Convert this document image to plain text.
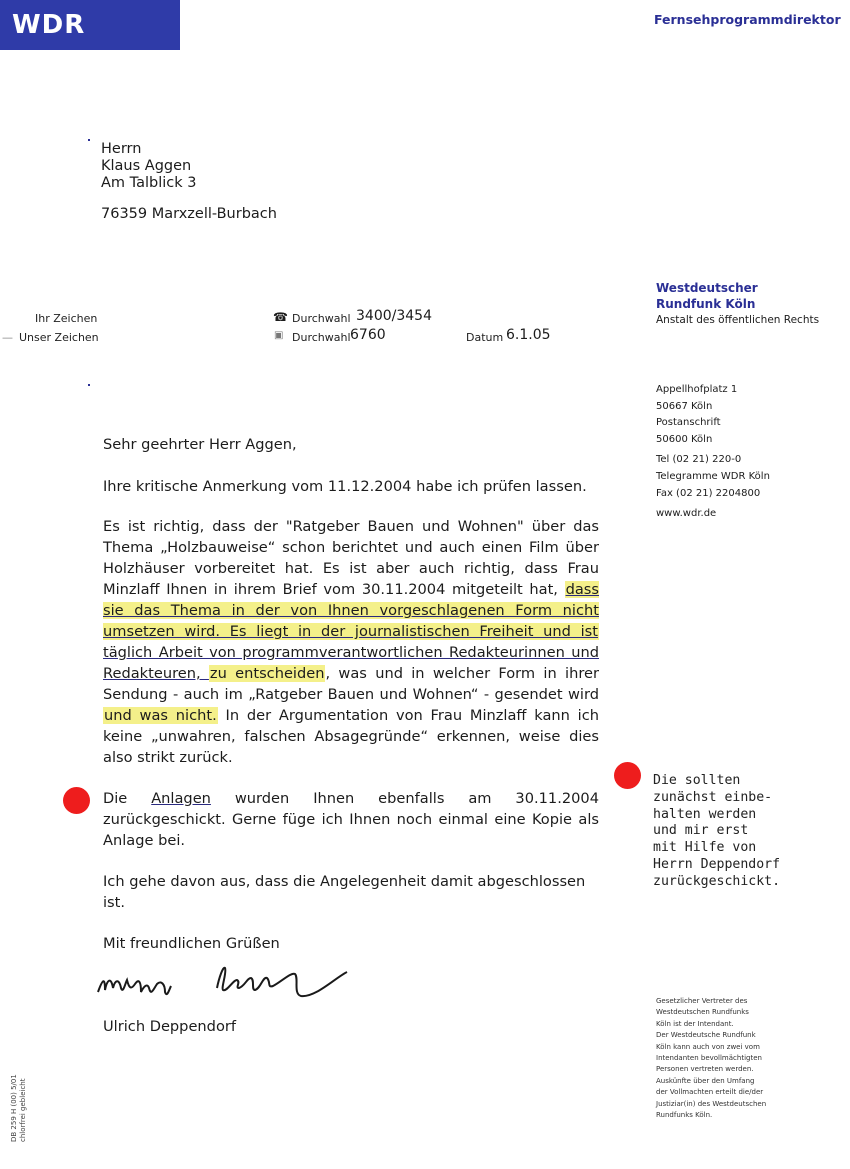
WDR	Fernsehprogrammdirektor
Herrn
Klaus Aggen
Am Talblick 3
76359 Marxzell-Burbach
Ihr Zeichen
— Unser Zeichen
☎ Durchwahl 3400/3454
▣ Durchwahl 6760	Datum 6.1.05
Westdeutscher
Rundfunk Köln
Anstalt des öffentlichen Rechts
Appellhofplatz 1
50667 Köln
Postanschrift
50600 Köln
Tel (02 21) 220-0
Telegramme WDR Köln
Fax (02 21) 2204800
www.wdr.de
Sehr geehrter Herr Aggen,
Ihre kritische Anmerkung vom 11.12.2004 habe ich prüfen lassen.
Es ist richtig, dass der "Ratgeber Bauen und Wohnen" über das Thema „Holzbauweise“ schon berichtet und auch einen Film über Holzhäuser vorbereitet hat. Es ist aber auch richtig, dass Frau Minzlaff Ihnen in ihrem Brief vom 30.11.2004 mitgeteilt hat, dass sie das Thema in der von Ihnen vorgeschlagenen Form nicht umsetzen wird. Es liegt in der journalistischen Freiheit und ist täglich Arbeit von programmverantwortlichen Redakteurinnen und Redakteuren, zu entscheiden, was und in welcher Form in ihrer Sendung - auch im „Ratgeber Bauen und Wohnen“ - gesendet wird und was nicht. In der Argumentation von Frau Minzlaff kann ich keine „unwahren, falschen Absagegründe“ erkennen, weise dies also strikt zurück.
Die Anlagen wurden Ihnen ebenfalls am 30.11.2004 zurückgeschickt. Gerne füge ich Ihnen noch einmal eine Kopie als Anlage bei.
Ich gehe davon aus, dass die Angelegenheit damit abgeschlossen ist.
Mit freundlichen Grüßen
Ulrich Deppendorf
Die sollten
zunächst einbe-
halten werden
und mir erst
mit Hilfe von
Herrn Deppendorf
zurückgeschickt.
Gesetzlicher Vertreter des
Westdeutschen Rundfunks
Köln ist der Intendant.
Der Westdeutsche Rundfunk
Köln kann auch von zwei vom
Intendanten bevollmächtigten
Personen vertreten werden.
Auskünfte über den Umfang
der Vollmachten erteilt die/der
Justiziar(in) des Westdeutschen
Rundfunks Köln.
DB 259 H (00) 5/01 chlorfrei gebleicht
